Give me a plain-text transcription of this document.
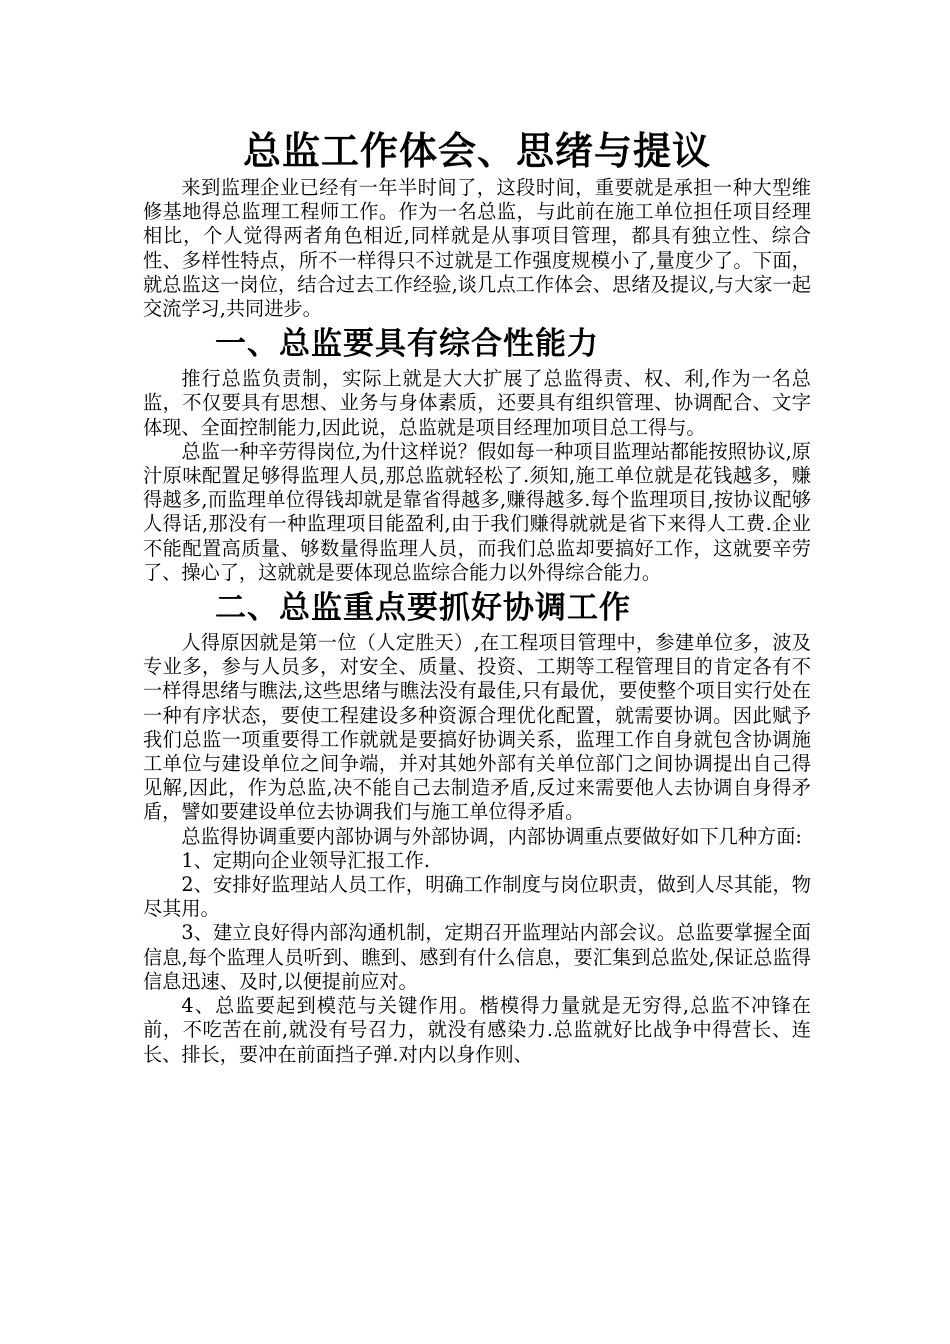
总监工作体会、思绪与提议

来到监理企业已经有一年半时间了，这段时间，重要就是承担一种大型维修基地得总监理工程师工作。作为一名总监，与此前在施工单位担任项目经理相比，个人觉得两者角色相近,同样就是从事项目管理，都具有独立性、综合性、多样性特点，所不一样得只不过就是工作强度规模小了,量度少了。下面，就总监这一岗位，结合过去工作经验,谈几点工作体会、思绪及提议,与大家一起交流学习,共同进步。

一、总监要具有综合性能力

推行总监负责制，实际上就是大大扩展了总监得责、权、利,作为一名总监，不仅要具有思想、业务与身体素质，还要具有组织管理、协调配合、文字体现、全面控制能力,因此说，总监就是项目经理加项目总工得与。

总监一种辛劳得岗位,为什这样说？假如每一种项目监理站都能按照协议,原汁原味配置足够得监理人员,那总监就轻松了.须知,施工单位就是花钱越多，赚得越多,而监理单位得钱却就是靠省得越多,赚得越多.每个监理项目,按协议配够人得话,那没有一种监理项目能盈利,由于我们赚得就就是省下来得人工费.企业不能配置高质量、够数量得监理人员，而我们总监却要搞好工作，这就要辛劳了、操心了，这就就是要体现总监综合能力以外得综合能力。

二、总监重点要抓好协调工作

人得原因就是第一位（人定胜天）,在工程项目管理中，参建单位多，波及专业多，参与人员多，对安全、质量、投资、工期等工程管理目的肯定各有不一样得思绪与瞧法,这些思绪与瞧法没有最佳,只有最优，要使整个项目实行处在一种有序状态，要使工程建设多种资源合理优化配置，就需要协调。因此赋予我们总监一项重要得工作就就是要搞好协调关系，监理工作自身就包含协调施工单位与建设单位之间争端，并对其她外部有关单位部门之间协调提出自己得见解,因此，作为总监,决不能自己去制造矛盾,反过来需要他人去协调自身得矛盾，譬如要建设单位去协调我们与施工单位得矛盾。

总监得协调重要内部协调与外部协调，内部协调重点要做好如下几种方面:

1、定期向企业领导汇报工作.

2、安排好监理站人员工作，明确工作制度与岗位职责，做到人尽其能，物尽其用。

3、建立良好得内部沟通机制，定期召开监理站内部会议。总监要掌握全面信息,每个监理人员听到、瞧到、感到有什么信息，要汇集到总监处,保证总监得信息迅速、及时,以便提前应对。

4、总监要起到模范与关键作用。楷模得力量就是无穷得,总监不冲锋在前，不吃苦在前,就没有号召力，就没有感染力.总监就好比战争中得营长、连长、排长，要冲在前面挡子弹.对内以身作则、
